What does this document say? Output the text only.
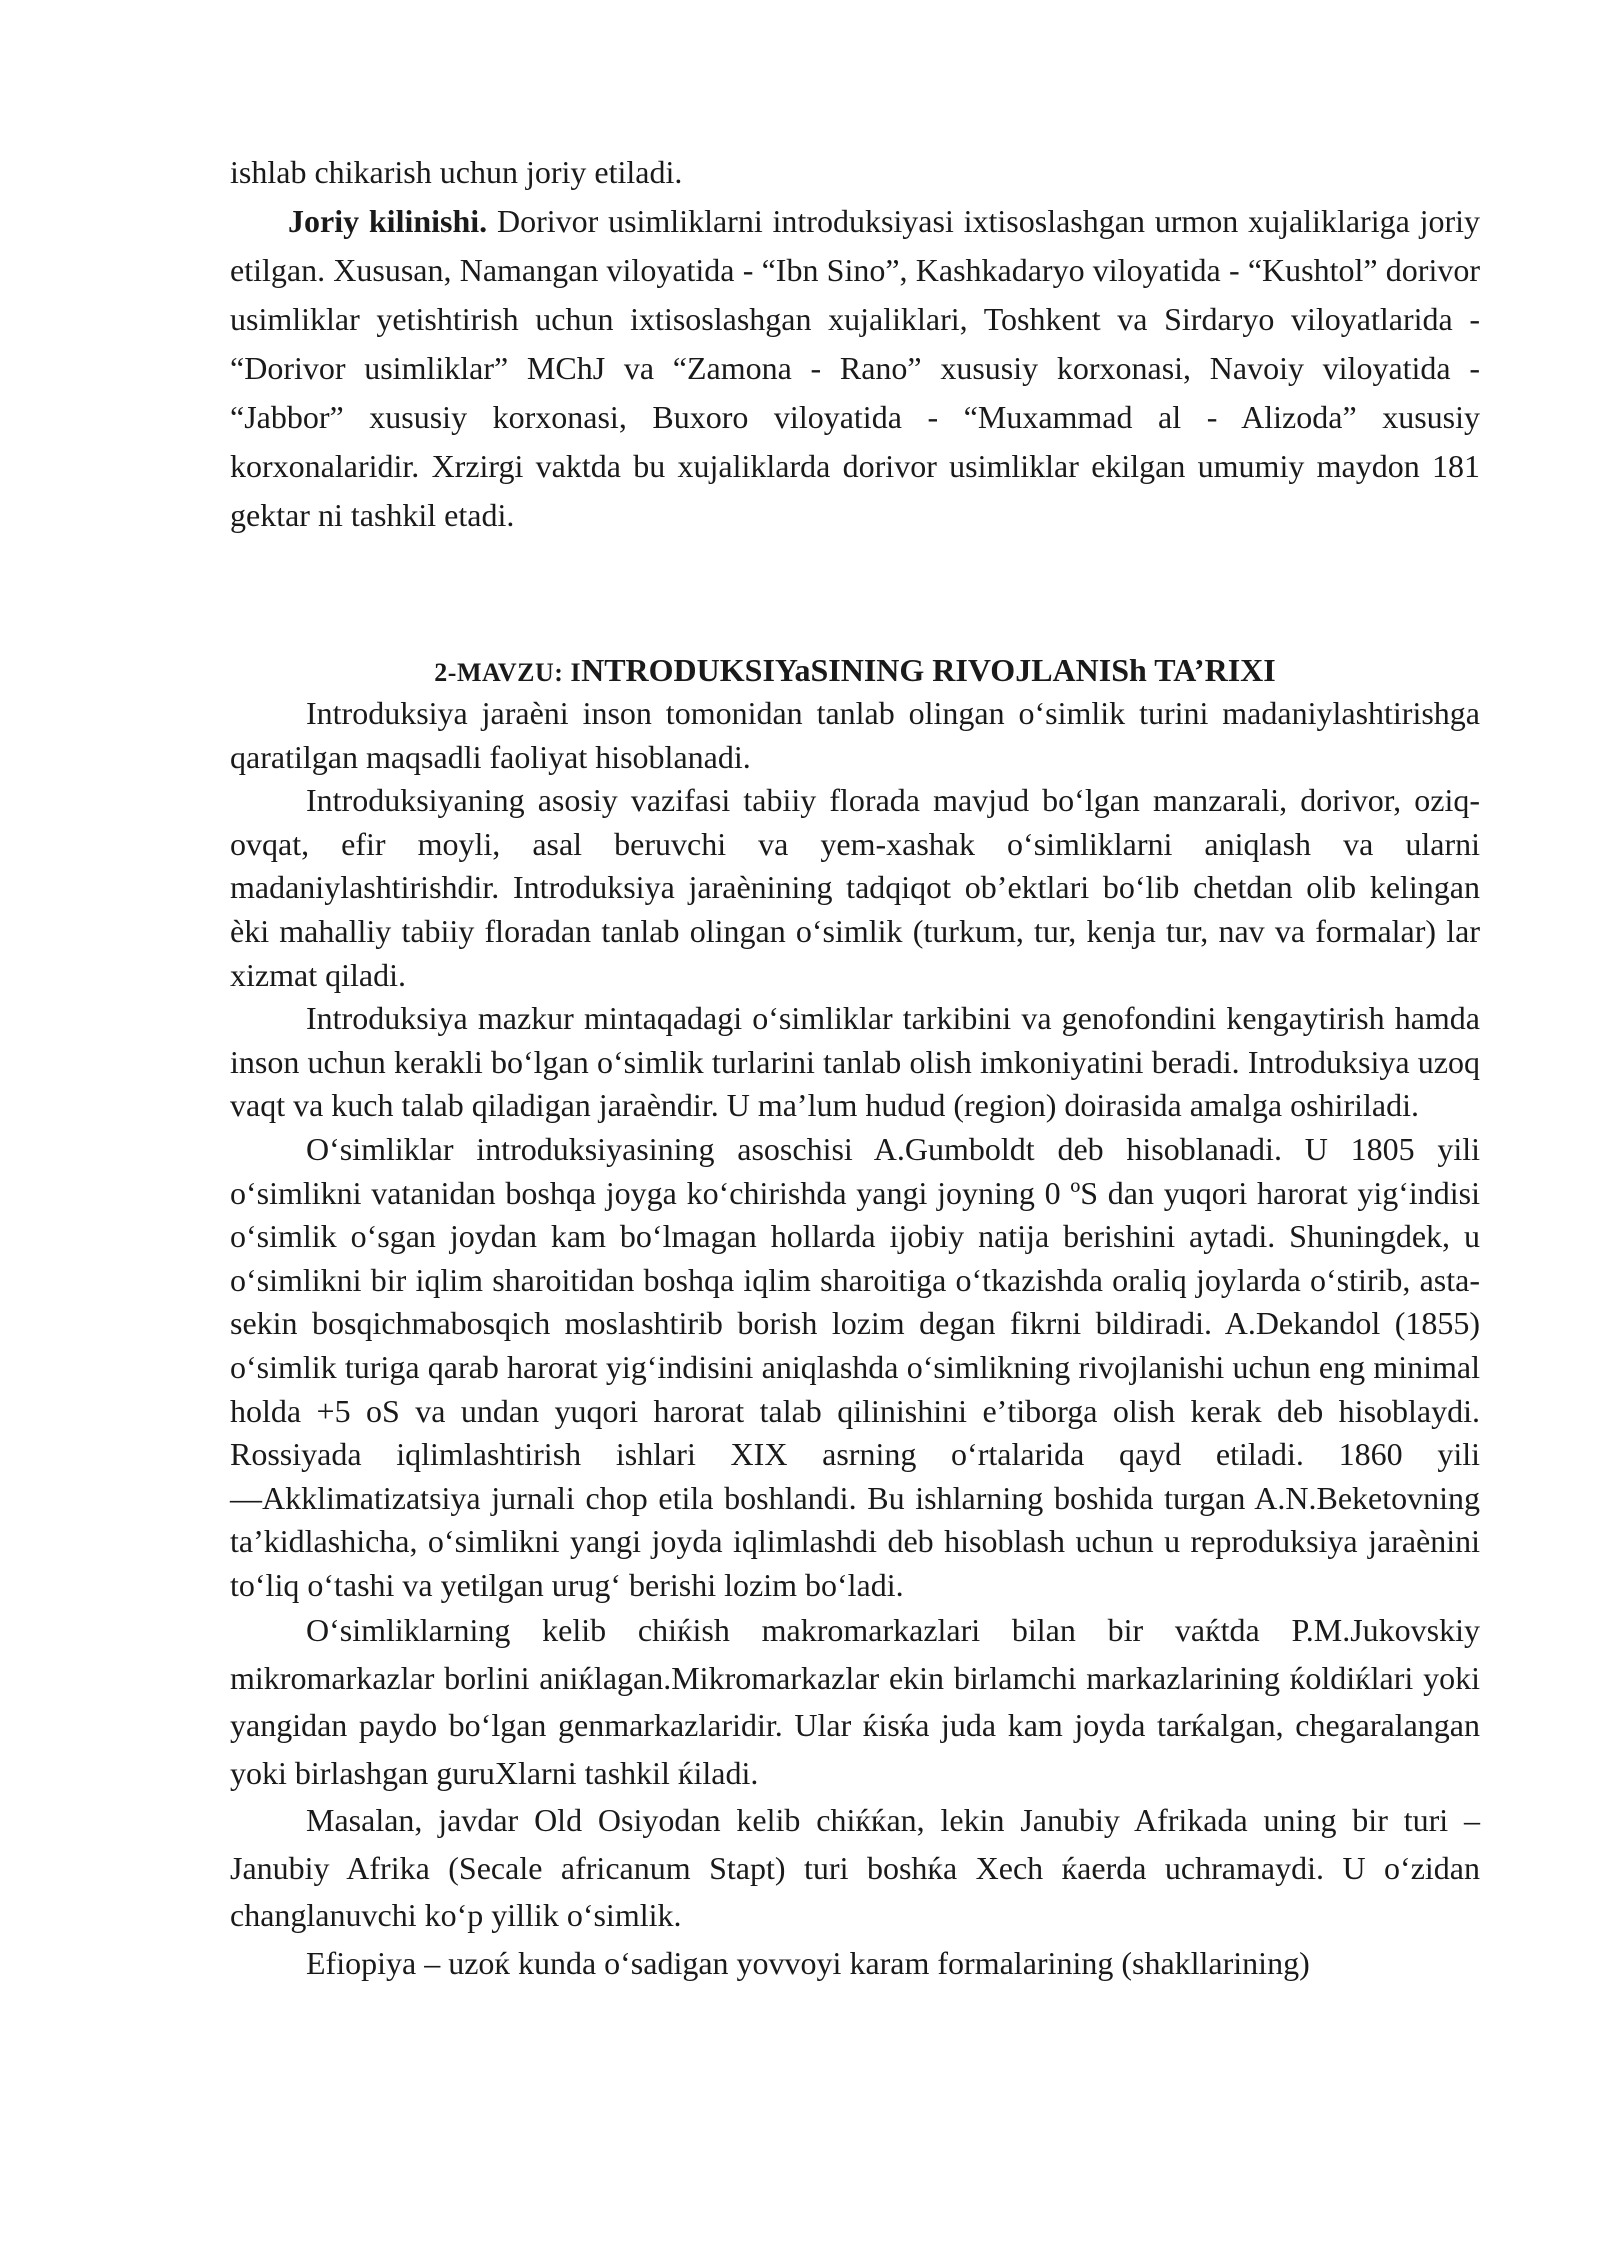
ishlab chikarish uchun joriy etiladi.

Joriy kilinishi. Dorivor usimliklarni introduksiyasi ixtisoslashgan urmon xujaliklariga joriy etilgan. Xususan, Namangan viloyatida - “Ibn Sino”, Kashkadaryo viloyatida - “Kushtol” dorivor usimliklar yetishtirish uchun ixtisoslashgan xujaliklari, Toshkent va Sirdaryo viloyatlarida - “Dorivor usimliklar” MChJ va “Zamona - Rano” xususiy korxonasi, Navoiy viloyatida - “Jabbor” xususiy korxonasi, Buxoro viloyatida - “Muxammad al - Alizoda” xususiy korxonalaridir. Xrzirgi vaktda bu xujaliklarda dorivor usimliklar ekilgan umumiy maydon 181 gektar ni tashkil etadi.

2-MAVZU: INTRODUKSIYaSINING RIVOJLANISh TA’RIXI

Introduksiya jaraèni inson tomonidan tanlab olingan oʻsimlik turini madaniylashtirishga qaratilgan maqsadli faoliyat hisoblanadi.

Introduksiyaning asosiy vazifasi tabiiy florada mavjud boʻlgan manzarali, dorivor, oziq-ovqat, efir moyli, asal beruvchi va yem-xashak oʻsimliklarni aniqlash va ularni madaniylashtirishdir. Introduksiya jaraènining tadqiqot obʼektlari boʻlib chetdan olib kelingan èki mahalliy tabiiy floradan tanlab olingan oʻsimlik (turkum, tur, kenja tur, nav va formalar) lar xizmat qiladi.

Introduksiya mazkur mintaqadagi oʻsimliklar tarkibini va genofondini kengaytirish hamda inson uchun kerakli boʻlgan oʻsimlik turlarini tanlab olish imkoniyatini beradi. Introduksiya uzoq vaqt va kuch talab qiladigan jaraèndir. U maʼlum hudud (region) doirasida amalga oshiriladi.

Oʻsimliklar introduksiyasining asoschisi A.Gumboldt deb hisoblanadi. U 1805 yili oʻsimlikni vatanidan boshqa joyga koʻchirishda yangi joyning 0 ºS dan yuqori harorat yigʻindisi oʻsimlik oʻsgan joydan kam boʻlmagan hollarda ijobiy natija berishini aytadi. Shuningdek, u oʻsimlikni bir iqlim sharoitidan boshqa iqlim sharoitiga oʻtkazishda oraliq joylarda oʻstirib, asta-sekin bosqichmabosqich moslashtirib borish lozim degan fikrni bildiradi. A.Dekandol (1855) oʻsimlik turiga qarab harorat yigʻindisini aniqlashda oʻsimlikning rivojlanishi uchun eng minimal holda +5 oS va undan yuqori harorat talab qilinishini eʼtiborga olish kerak deb hisoblaydi. Rossiyada iqlimlashtirish ishlari XIX asrning oʻrtalarida qayd etiladi. 1860 yili ―Akklimatizatsiya jurnali chop etila boshlandi. Bu ishlarning boshida turgan A.N.Beketovning taʼkidlashicha, oʻsimlikni yangi joyda iqlimlashdi deb hisoblash uchun u reproduksiya jaraènini toʻliq oʻtashi va yetilgan urugʻ berishi lozim boʻladi.

Oʻsimliklarning kelib chiќish makromarkazlari bilan bir vaќtda P.M.Jukovskiy mikromarkazlar borlini aniќlagan.Mikromarkazlar ekin birlamchi markazlarining ќoldiќlari yoki yangidan paydo boʻlgan genmarkazlaridir. Ular ќisќa juda kam joyda tarќalgan, chegaralangan yoki birlashgan guruXlarni tashkil ќiladi.

Masalan, javdar Old Osiyodan kelib chiќќan, lekin Janubiy Afrikada uning bir turi – Janubiy Afrika (Secale africanum Stapt) turi boshќa Xech ќaerda uchramaydi. U oʻzidan changlanuvchi koʻp yillik oʻsimlik.

Efiopiya – uzoќ kunda oʻsadigan yovvoyi karam formalarining (shakllarining)
